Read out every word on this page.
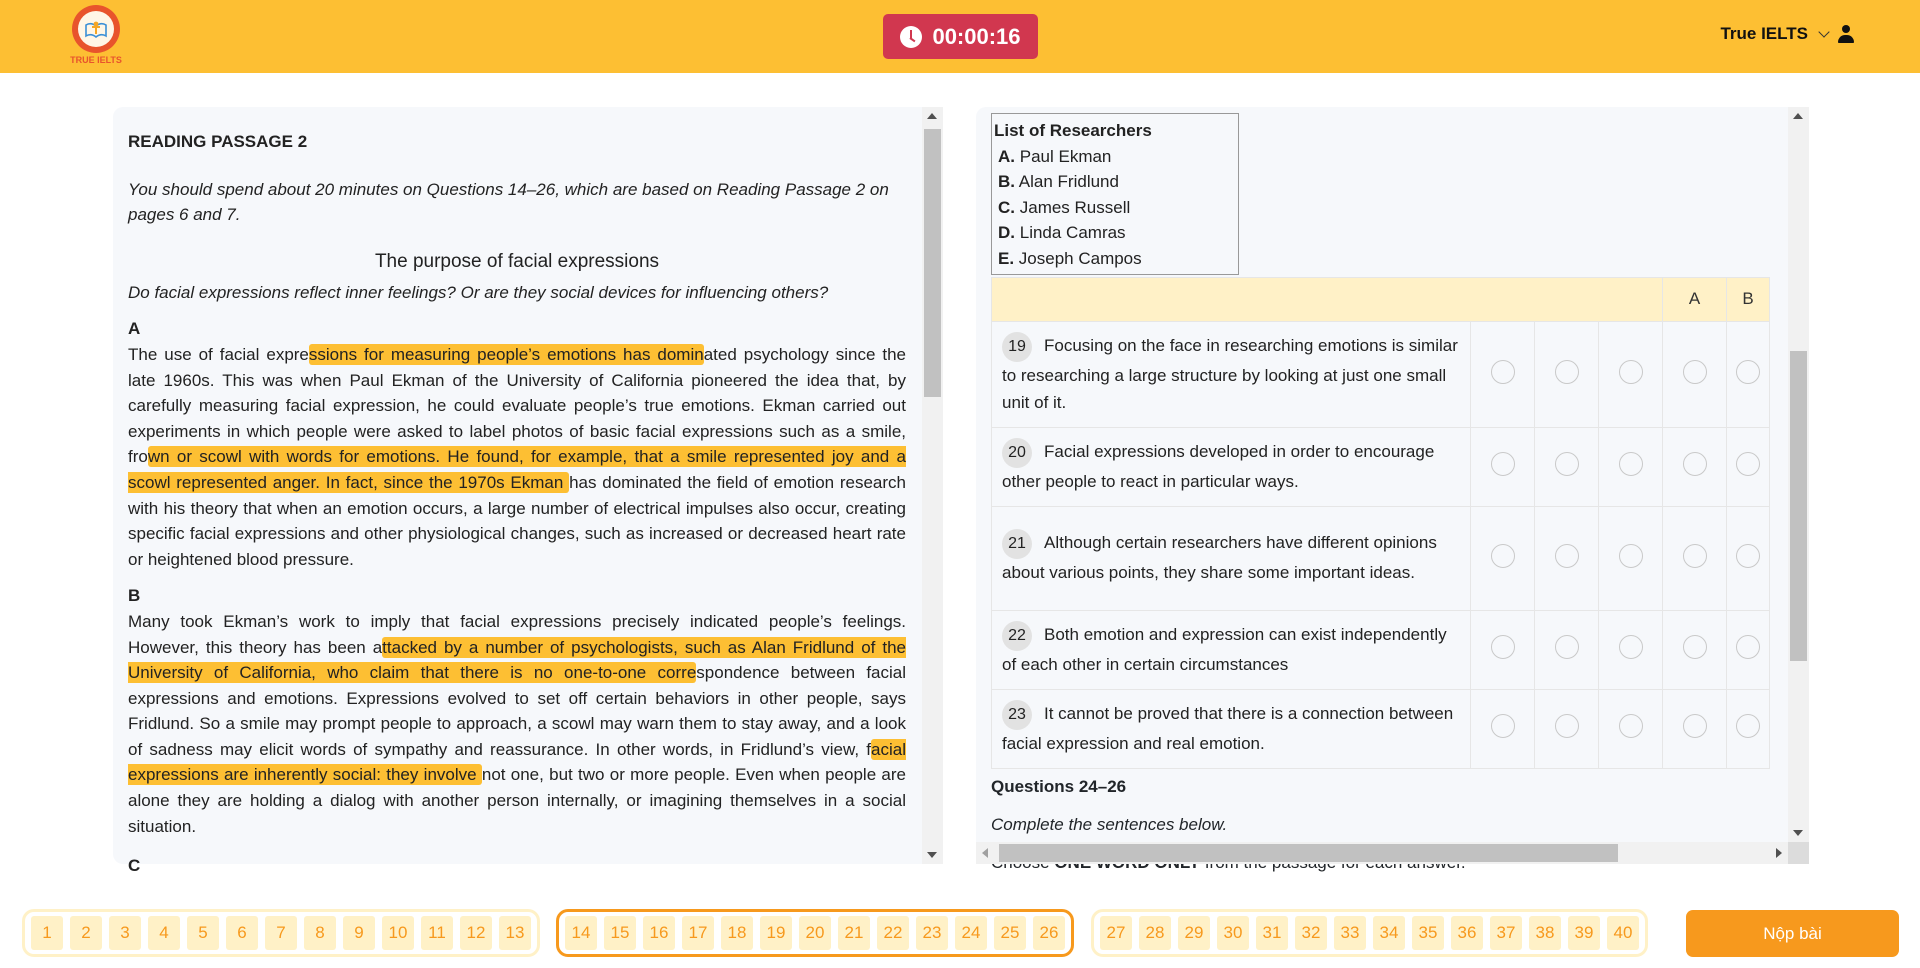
TRUE IELTS
00:00:16	True IELTS
READING PASSAGE 2
You should spend about 20 minutes on Questions 14–26, which are based on Reading Passage 2 on pages 6 and 7.
The purpose of facial expressions
Do facial expressions reflect inner feelings? Or are they social devices for influencing others?
A
The use of facial expressions for measuring people’s emotions has dominated psychology since the late 1960s. This was when Paul Ekman of the University of California pioneered the idea that, by carefully measuring facial expression, he could evaluate people’s true emotions. Ekman carried out experiments in which people were asked to label photos of basic facial expressions such as a smile, frown or scowl with words for emotions. He found, for example, that a smile represented joy and a scowl represented anger. In fact, since the 1970s Ekman has dominated the field of emotion research with his theory that when an emotion occurs, a large number of electrical impulses also occur, creating specific facial expressions and other physiological changes, such as increased or decreased heart rate or heightened blood pressure.
B
Many took Ekman’s work to imply that facial expressions precisely indicated people’s feelings. However, this theory has been attacked by a number of psychologists, such as Alan Fridlund of the University of California, who claim that there is no one-to-one correspondence between facial expressions and emotions. Expressions evolved to set off certain behaviors in other people, says Fridlund. So a smile may prompt people to approach, a scowl may warn them to stay away, and a look of sadness may elicit words of sympathy and reassurance. In other words, in Fridlund’s view, facial expressions are inherently social: they involve not one, but two or more people. Even when people are alone they are holding a dialog with another person internally, or imagining themselves in a social situation.
C
List of Researchers
A. Paul Ekman
B. Alan Fridlund
C. James Russell
D. Linda Camras
E. Joseph Campos
				A	B
19 Focusing on the face in researching emotions is similar to researching a large structure by looking at just one small unit of it.					
20 Facial expressions developed in order to encourage other people to react in particular ways.					
21 Although certain researchers have different opinions about various points, they share some important ideas.					
22 Both emotion and expression can exist independently of each other in certain circumstances					
23 It cannot be proved that there is a connection between facial expression and real emotion.					
Questions 24–26
Complete the sentences below.
1	2	3	4	5	6	7	8	9	10	11	12	13	14	15	16	17	18	19	20	21	22	23	24	25	26	27	28	29	30	31	32	33	34	35	36	37	38	39	40	Nộp bài
